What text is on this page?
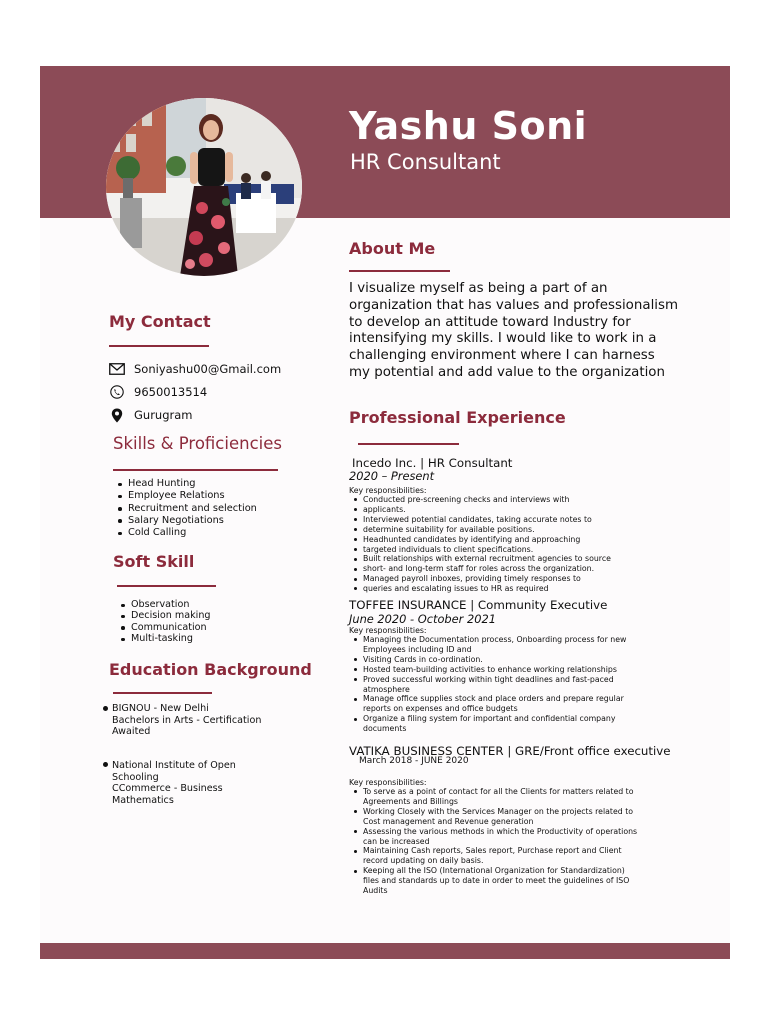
Yashu Soni
HR Consultant
My Contact
Soniyashu00@Gmail.com
9650013514
Gurugram
Skills & Proficiencies
Head Hunting
Employee Relations
Recruitment and selection
Salary Negotiations
Cold Calling
Soft Skill
Observation
Decision making
Communication
Multi-tasking
Education Background
BIGNOU - New Delhi
Bachelors in Arts - Certification
Awaited
National Institute of Open
Schooling
CCommerce - Business
Mathematics
About Me
I visualize myself as being a part of an organization that has values and professionalism to develop an attitude toward Industry for intensifying my skills. I would like to work in a challenging environment where I can harness my potential and add value to the organization
Professional Experience
Incedo Inc. | HR Consultant
2020 – Present
Key responsibilities:
Conducted pre-screening checks and interviews with
applicants.
Interviewed potential candidates, taking accurate notes to
determine suitability for available positions.
Headhunted candidates by identifying and approaching
targeted individuals to client specifications.
Built relationships with external recruitment agencies to source
short- and long-term staff for roles across the organization.
Managed payroll inboxes, providing timely responses to
queries and escalating issues to HR as required
TOFFEE INSURANCE | Community Executive
June 2020 - October 2021
Key responsibilities:
Managing the Documentation process, Onboarding process for new Employees including ID and
Visiting Cards in co-ordination.
Hosted team-building activities to enhance working relationships
Proved successful working within tight deadlines and fast-paced atmosphere
Manage office supplies stock and place orders and prepare regular reports on expenses and office budgets
Organize a filing system for important and confidential company documents
VATIKA BUSINESS CENTER | GRE/Front office executive
March 2018 - JUNE 2020
Key responsibilities:
To serve as a point of contact for all the Clients for matters related to Agreements and Billings
Working Closely with the Services Manager on the projects related to Cost management and Revenue generation
Assessing the various methods in which the Productivity of operations can be increased
Maintaining Cash reports, Sales report, Purchase report and Client record updating on daily basis.
Keeping all the ISO (International Organization for Standardization) files and standards up to date in order to meet the guidelines of ISO Audits
